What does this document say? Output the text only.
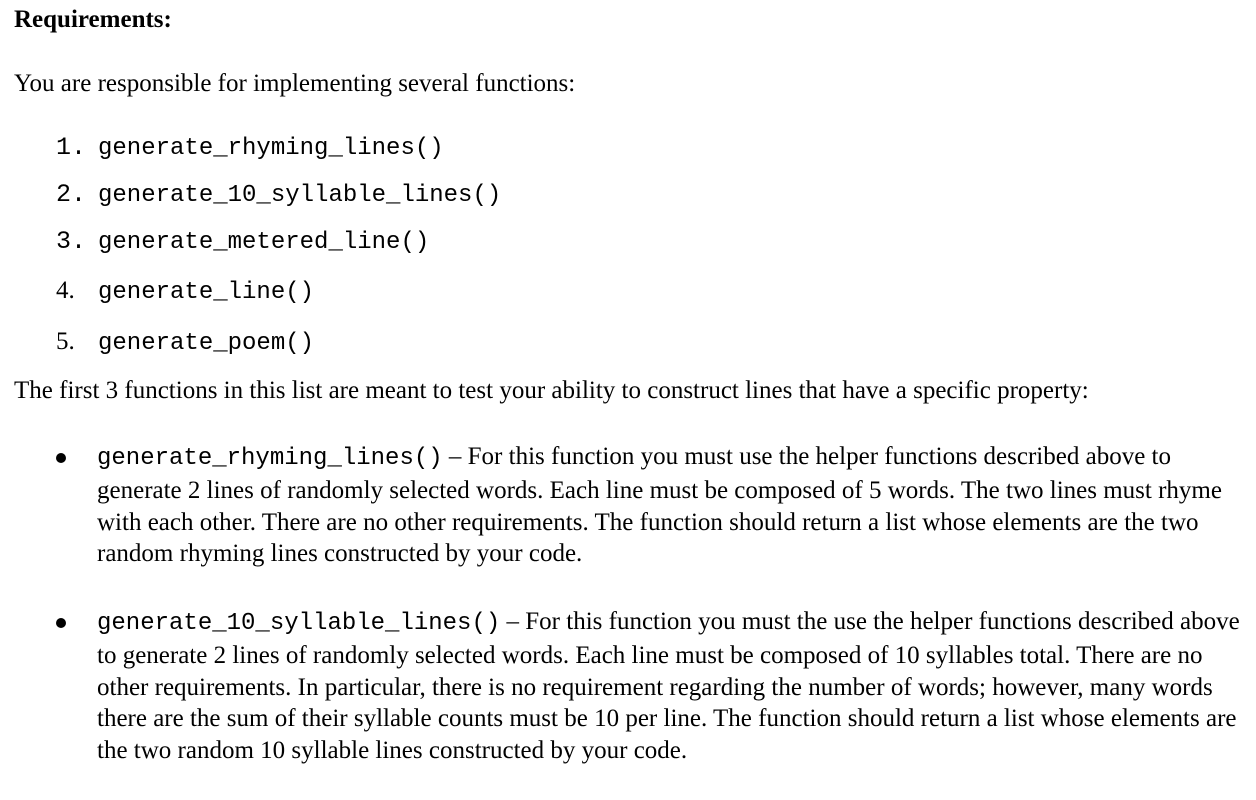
Requirements:
You are responsible for implementing several functions:
1. generate_rhyming_lines()
2. generate_10_syllable_lines()
3. generate_metered_line()
4. generate_line()
5. generate_poem()
The first 3 functions in this list are meant to test your ability to construct lines that have a specific property:
generate_rhyming_lines() – For this function you must use the helper functions described above to generate 2 lines of randomly selected words. Each line must be composed of 5 words. The two lines must rhyme with each other. There are no other requirements. The function should return a list whose elements are the two random rhyming lines constructed by your code.
generate_10_syllable_lines() – For this function you must the use the helper functions described above to generate 2 lines of randomly selected words. Each line must be composed of 10 syllables total. There are no other requirements. In particular, there is no requirement regarding the number of words; however, many words there are the sum of their syllable counts must be 10 per line. The function should return a list whose elements are the two random 10 syllable lines constructed by your code.
